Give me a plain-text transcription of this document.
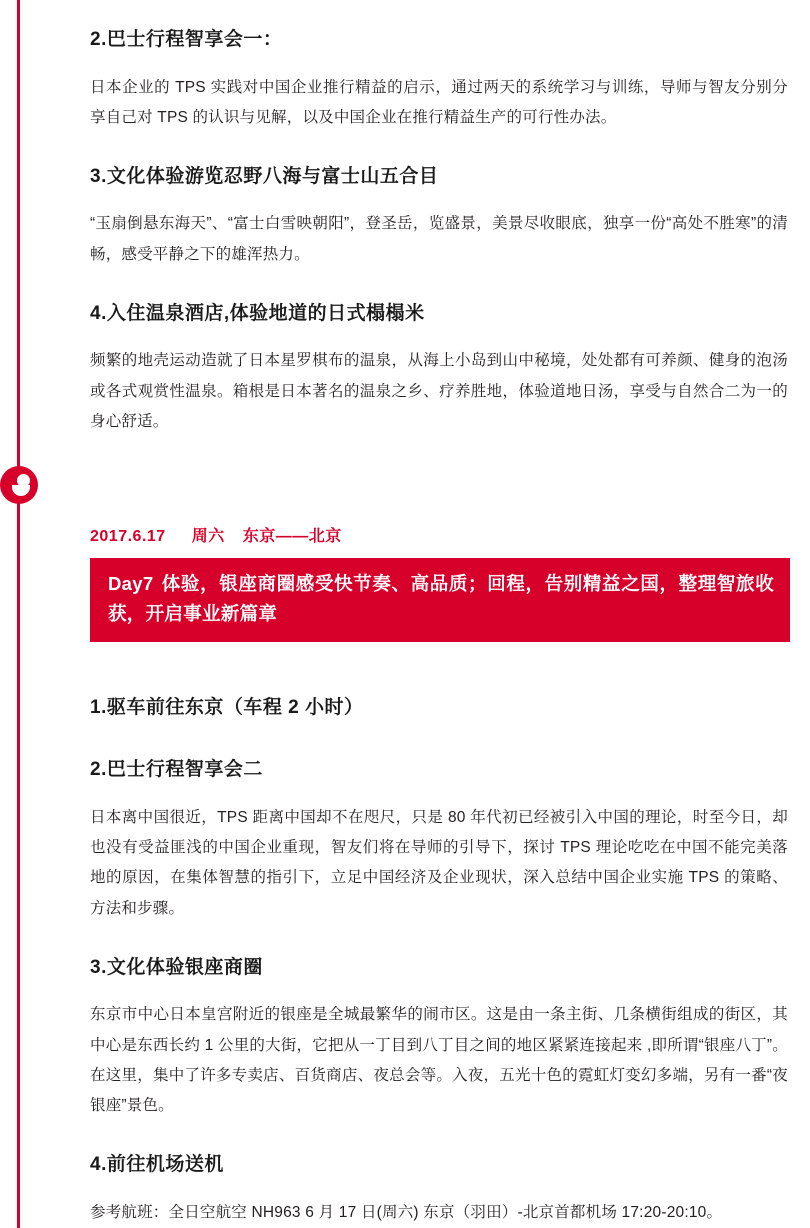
2.巴士行程智享会一：

日本企业的 TPS 实践对中国企业推行精益的启示，通过两天的系统学习与训练，导师与智友分别分享自己对 TPS 的认识与见解，以及中国企业在推行精益生产的可行性办法。

3.文化体验游览忍野八海与富士山五合目

“玉扇倒悬东海天”、“富士白雪映朝阳”，登圣岳，览盛景，美景尽收眼底，独享一份“高处不胜寒”的清畅，感受平静之下的雄浑热力。

4.入住温泉酒店,体验地道的日式榻榻米

频繁的地壳运动造就了日本星罗棋布的温泉，从海上小岛到山中秘境，处处都有可养颜、健身的泡汤或各式观赏性温泉。箱根是日本著名的温泉之乡、疗养胜地，体验道地日汤，享受与自然合二为一的身心舒适。

2017.6.17 周六 东京——北京
Day7 体验，银座商圈感受快节奏、高品质；回程，告别精益之国，整理智旅收获，开启事业新篇章
1.驱车前往东京（车程 2 小时）
2.巴士行程智享会二

日本离中国很近，TPS 距离中国却不在咫尺，只是 80 年代初已经被引入中国的理论，时至今日，却也没有受益匪浅的中国企业重现，智友们将在导师的引导下，探讨 TPS 理论吃吃在中国不能完美落地的原因，在集体智慧的指引下，立足中国经济及企业现状，深入总结中国企业实施 TPS 的策略、方法和步骤。

3.文化体验银座商圈

东京市中心日本皇宫附近的银座是全城最繁华的闹市区。这是由一条主街、几条横街组成的街区，其中心是东西长约 1 公里的大街，它把从一丁目到八丁目之间的地区紧紧连接起来 ,即所谓“银座八丁”。在这里，集中了许多专卖店、百货商店、夜总会等。入夜，五光十色的霓虹灯变幻多端，另有一番“夜银座”景色。

4.前往机场送机

参考航班：全日空航空 NH963 6 月 17 日(周六) 东京（羽田）-北京首都机场 17:20-20:10。
